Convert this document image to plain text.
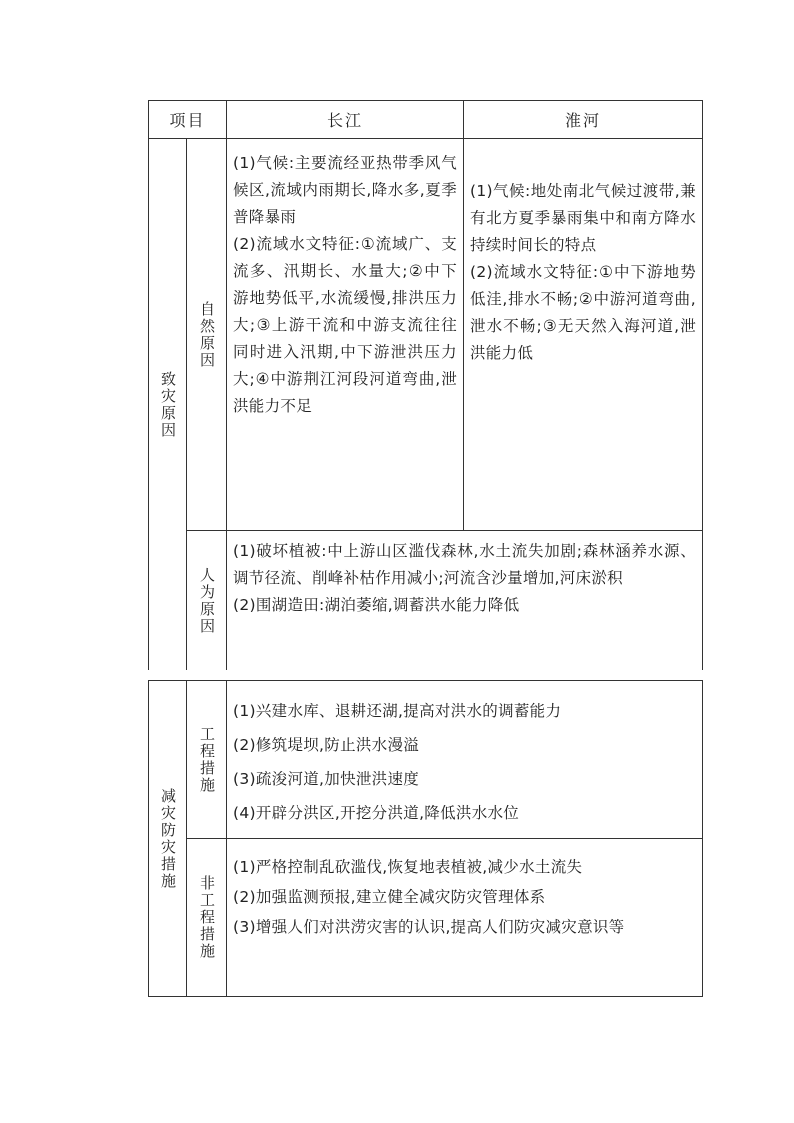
项目	长江	淮河
致灾原因
自然原因

(1)气候:主要流经亚热带季风气候区,流域内雨期长,降水多,夏季普降暴雨

(2)流域水文特征:①流域广、支流多、汛期长、水量大;②中下游地势低平,水流缓慢,排洪压力大;③上游干流和中游支流往往同时进入汛期,中下游泄洪压力大;④中游荆江河段河道弯曲,泄洪能力不足

(1)气候:地处南北气候过渡带,兼有北方夏季暴雨集中和南方降水持续时间长的特点

(2)流域水文特征:①中下游地势低洼,排水不畅;②中游河道弯曲,泄水不畅;③无天然入海河道,泄洪能力低

人为原因

(1)破坏植被:中上游山区滥伐森林,水土流失加剧;森林涵养水源、调节径流、削峰补枯作用减小;河流含沙量增加,河床淤积

(2)围湖造田:湖泊萎缩,调蓄洪水能力降低

减灾防灾措施
工程措施

(1)兴建水库、退耕还湖,提高对洪水的调蓄能力

(2)修筑堤坝,防止洪水漫溢

(3)疏浚河道,加快泄洪速度

(4)开辟分洪区,开挖分洪道,降低洪水水位

非工程措施

(1)严格控制乱砍滥伐,恢复地表植被,减少水土流失

(2)加强监测预报,建立健全减灾防灾管理体系

(3)增强人们对洪涝灾害的认识,提高人们防灾减灾意识等
